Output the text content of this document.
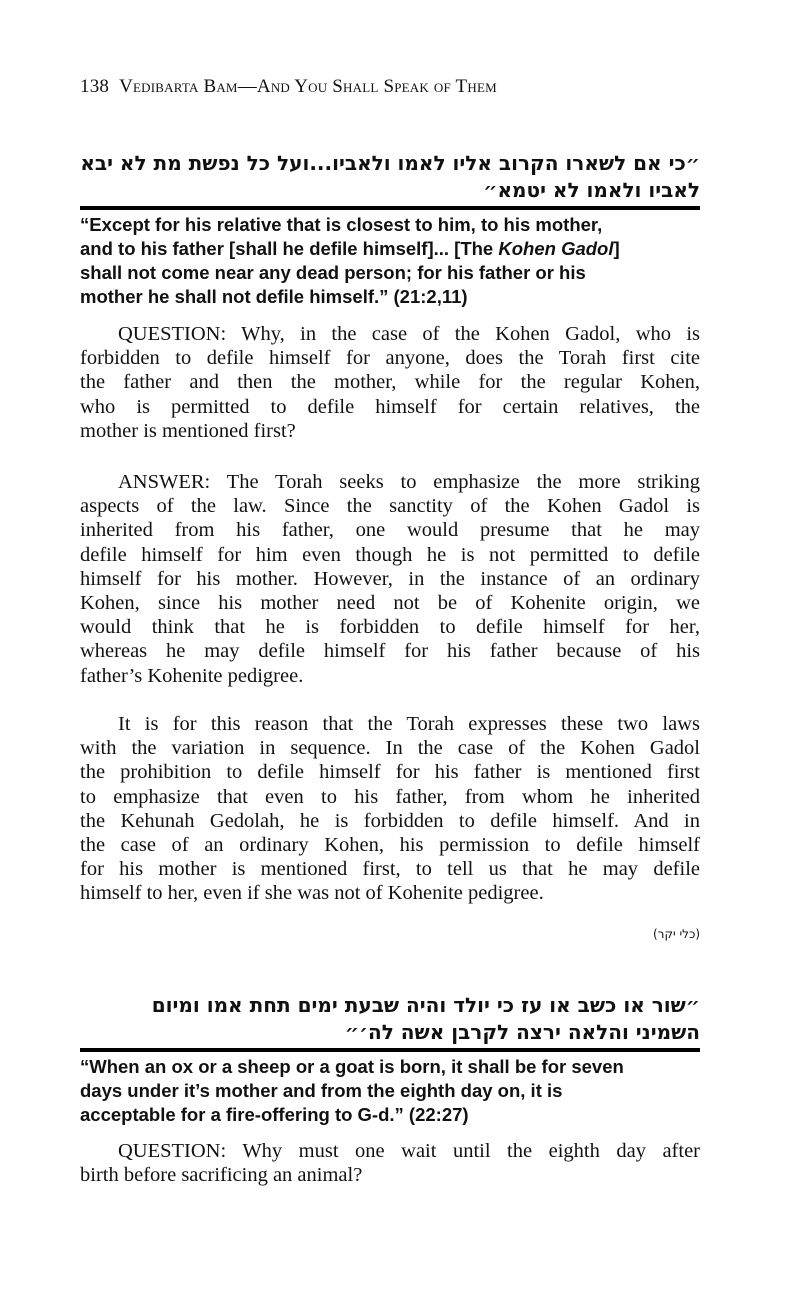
138 Vedibarta Bam—And You Shall Speak of Them
״כי אם לשארו הקרוב אליו לאמו ולאביו...ועל כל נפשת מת לא יבא
לאביו ולאמו לא יטמא״
“Except for his relative that is closest to him, to his mother,
and to his father [shall he defile himself]... [The Kohen Gadol]
shall not come near any dead person; for his father or his
mother he shall not defile himself.” (21:2,11)
QUESTION: Why, in the case of the Kohen Gadol, who is
forbidden to defile himself for anyone, does the Torah first cite
the father and then the mother, while for the regular Kohen,
who is permitted to defile himself for certain relatives, the
mother is mentioned first?
ANSWER: The Torah seeks to emphasize the more striking
aspects of the law. Since the sanctity of the Kohen Gadol is
inherited from his father, one would presume that he may
defile himself for him even though he is not permitted to defile
himself for his mother. However, in the instance of an ordinary
Kohen, since his mother need not be of Kohenite origin, we
would think that he is forbidden to defile himself for her,
whereas he may defile himself for his father because of his
father’s Kohenite pedigree.
It is for this reason that the Torah expresses these two laws
with the variation in sequence. In the case of the Kohen Gadol
the prohibition to defile himself for his father is mentioned first
to emphasize that even to his father, from whom he inherited
the Kehunah Gedolah, he is forbidden to defile himself. And in
the case of an ordinary Kohen, his permission to defile himself
for his mother is mentioned first, to tell us that he may defile
himself to her, even if she was not of Kohenite pedigree.
(כלי יקר)
״שור או כשב או עז כי יולד והיה שבעת ימים תחת אמו ומיום
השמיני והלאה ירצה לקרבן אשה לה׳״
“When an ox or a sheep or a goat is born, it shall be for seven
days under it’s mother and from the eighth day on, it is
acceptable for a fire-offering to G-d.” (22:27)
QUESTION: Why must one wait until the eighth day after
birth before sacrificing an animal?
